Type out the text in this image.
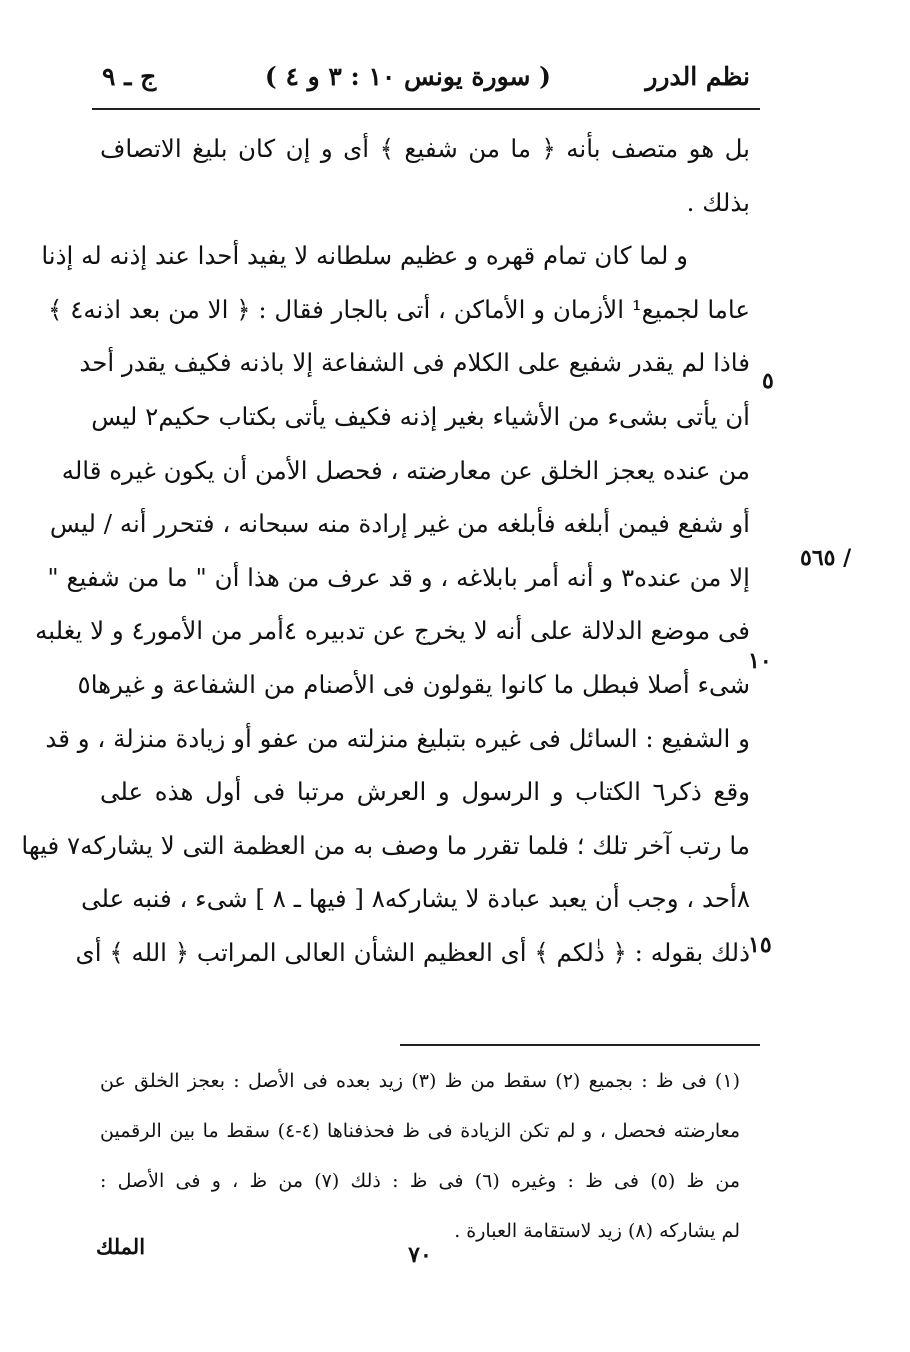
نظم الدرر
( سورة يونس ١٠ : ٣ و ٤ )
ج ـ ٩
بل هو متصف بأنه ﴿ ما من شفيع ﴾ أى و إن كان بليغ الاتصاف
بذلك .
و لما كان تمام قهره و عظيم سلطانه لا يفيد أحدا عند إذنه له إذنا
عاما لجميع¹ الأزمان و الأماكن ، أتى بالجار فقال : ﴿ الا من بعد اذنه٤ ﴾
فاذا لم يقدر شفيع على الكلام فى الشفاعة إلا باذنه فكيف يقدر أحد
أن يأتى بشىء من الأشياء بغير إذنه فكيف يأتى بكتاب حكيم٢ ليس
من عنده يعجز الخلق عن معارضته ، فحصل الأمن أن يكون غيره قاله
أو شفع فيمن أبلغه فأبلغه من غير إرادة منه سبحانه ، فتحرر أنه / ليس
إلا من عنده٣ و أنه أمر بابلاغه ، و قد عرف من هذا أن " ما من شفيع "
فى موضع الدلالة على أنه لا يخرج عن تدبيره ٤أمر من الأمور٤ و لا يغلبه
شىء أصلا فبطل ما كانوا يقولون فى الأصنام من الشفاعة و غيرها٥
و الشفيع : السائل فى غيره بتبليغ منزلته من عفو أو زيادة منزلة ، و قد
وقع ذكر٦ الكتاب و الرسول و العرش مرتبا فى أول هذه على
ما رتب آخر تلك ؛ فلما تقرر ما وصف به من العظمة التى لا يشاركه٧ فيها
٨أحد ، وجب أن يعبد عبادة لا يشاركه٨ [ فيها ـ ٨ ] شىء ، فنبه على
ذلك بقوله : ﴿ ذٰلكم ﴾ أى العظيم الشأن العالى المراتب ﴿ الله ﴾ أى
٥
١٠
١٥
/ ٥٦٥
(١) فى ظ : بجميع (٢) سقط من ظ (٣) زيد بعده فى الأصل : بعجز الخلق عن
معارضته فحصل ، و لم تكن الزيادة فى ظ فحذفناها (٤-٤) سقط ما بين الرقمين
من ظ (٥) فى ظ : وغيره (٦) فى ظ : ذلك (٧) من ظ ، و فى الأصل :
لم يشاركه (٨) زيد لاستقامة العبارة .
٧٠
الملك
